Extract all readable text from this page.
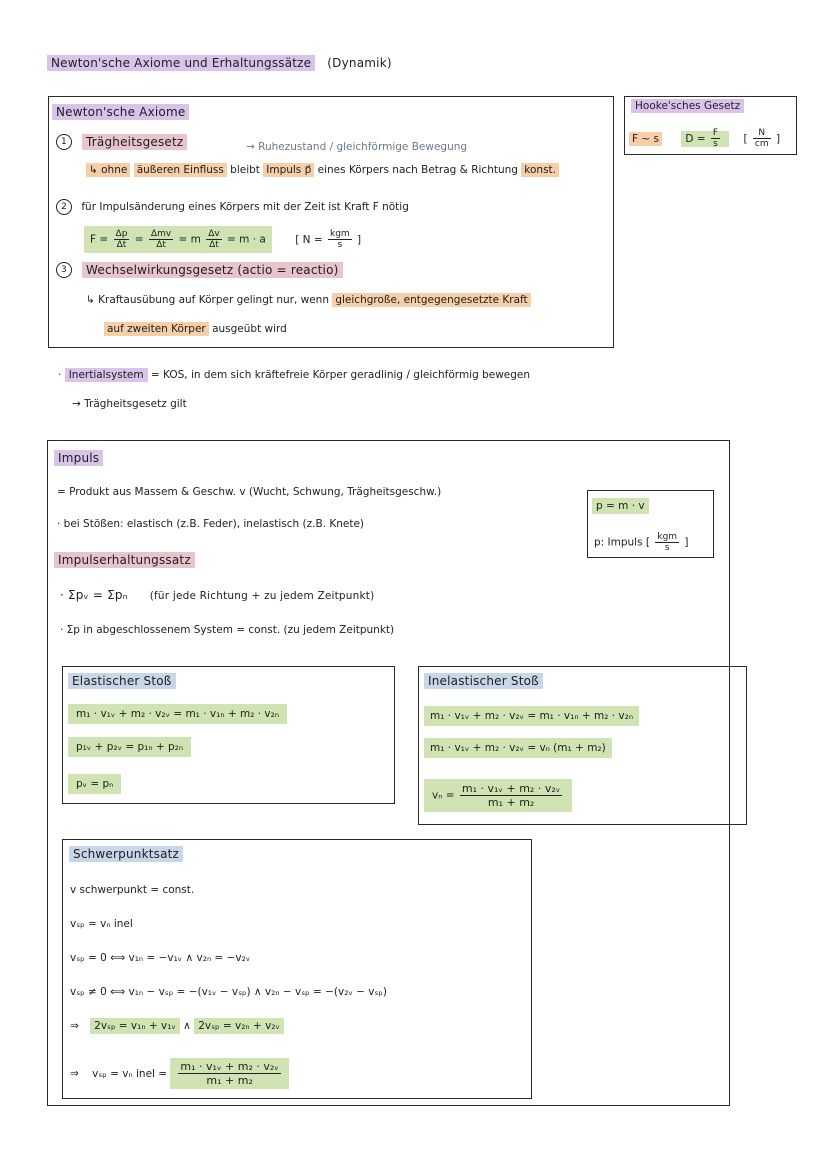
Newton'sche Axiome und Erhaltungssätze (Dynamik)
Newton'sche Axiome
1 Trägheitsgesetz	→ Ruhezustand / gleichförmige Bewegung
↳ ohne äußeren Einfluss bleibt Impuls p⃗ eines Körpers nach Betrag & Richtung konst.
2 für Impulsänderung eines Körpers mit der Zeit ist Kraft F nötig
$F = \frac{\Delta p}{\Delta t} = \frac{\text{Δmv}}{\Delta t} = m \frac{\Delta v}{\Delta t} = m \cdot a$	[ $N = \frac{\text{kgm}}{s}$ ]
3 Wechselwirkungsgesetz (actio = reactio)
↳ Kraftausübung auf Körper gelingt nur, wenn gleichgroße, entgegengesetzte Kraft
auf zweiten Körper ausgeübt wird
Hooke'sches Gesetz
F ~ s	$D = \frac{F}{s}$ [ $\frac{N}{cm}$ ]
· Inertialsystem = KOS, in dem sich kräftefreie Körper geradlinig / gleichförmig bewegen
→ Trägheitsgesetz gilt
Impuls
= Produkt aus Massem & Geschw. v (Wucht, Schwung, Trägheitsgeschw.)
· bei Stößen: elastisch (z.B. Feder), inelastisch (z.B. Knete)
p = m · v
p: Impuls [ $\frac{\text{kgm}}{s}$ ]
Impulserhaltungssatz
· Σpᵥ = Σpₙ (für jede Richtung + zu jedem Zeitpunkt)
· Σp in abgeschlossenem System = const. (zu jedem Zeitpunkt)
Elastischer Stoß
m₁ · v₁ᵥ + m₂ · v₂ᵥ = m₁ · v₁ₙ + m₂ · v₂ₙ
p₁ᵥ + p₂ᵥ = p₁ₙ + p₂ₙ
pᵥ = pₙ
Inelastischer Stoß
m₁ · v₁ᵥ + m₂ · v₂ᵥ = m₁ · v₁ₙ + m₂ · v₂ₙ
m₁ · v₁ᵥ + m₂ · v₂ᵥ = vₙ (m₁ + m₂)
$v_n = \frac{\text{m₁ · v₁ᵥ + m₂ · v₂ᵥ}}{\text{m₁ + m₂}}$
Schwerpunktsatz
v schwerpunkt = const.
vₛₚ = vₙ inel
vₛₚ = 0 ⟺ v₁ₙ = −v₁ᵥ ∧ v₂ₙ = −v₂ᵥ
vₛₚ ≠ 0 ⟺ v₁ₙ − vₛₚ = −(v₁ᵥ − vₛₚ) ∧ v₂ₙ − vₛₚ = −(v₂ᵥ − vₛₚ)
⇒ 2vₛₚ = v₁ₙ + v₁ᵥ ∧ 2vₛₚ = v₂ₙ + v₂ᵥ
⇒ vₛₚ = vₙ inel = $\frac{\text{m₁ · v₁ᵥ + m₂ · v₂ᵥ}}{\text{m₁ + m₂}}$
